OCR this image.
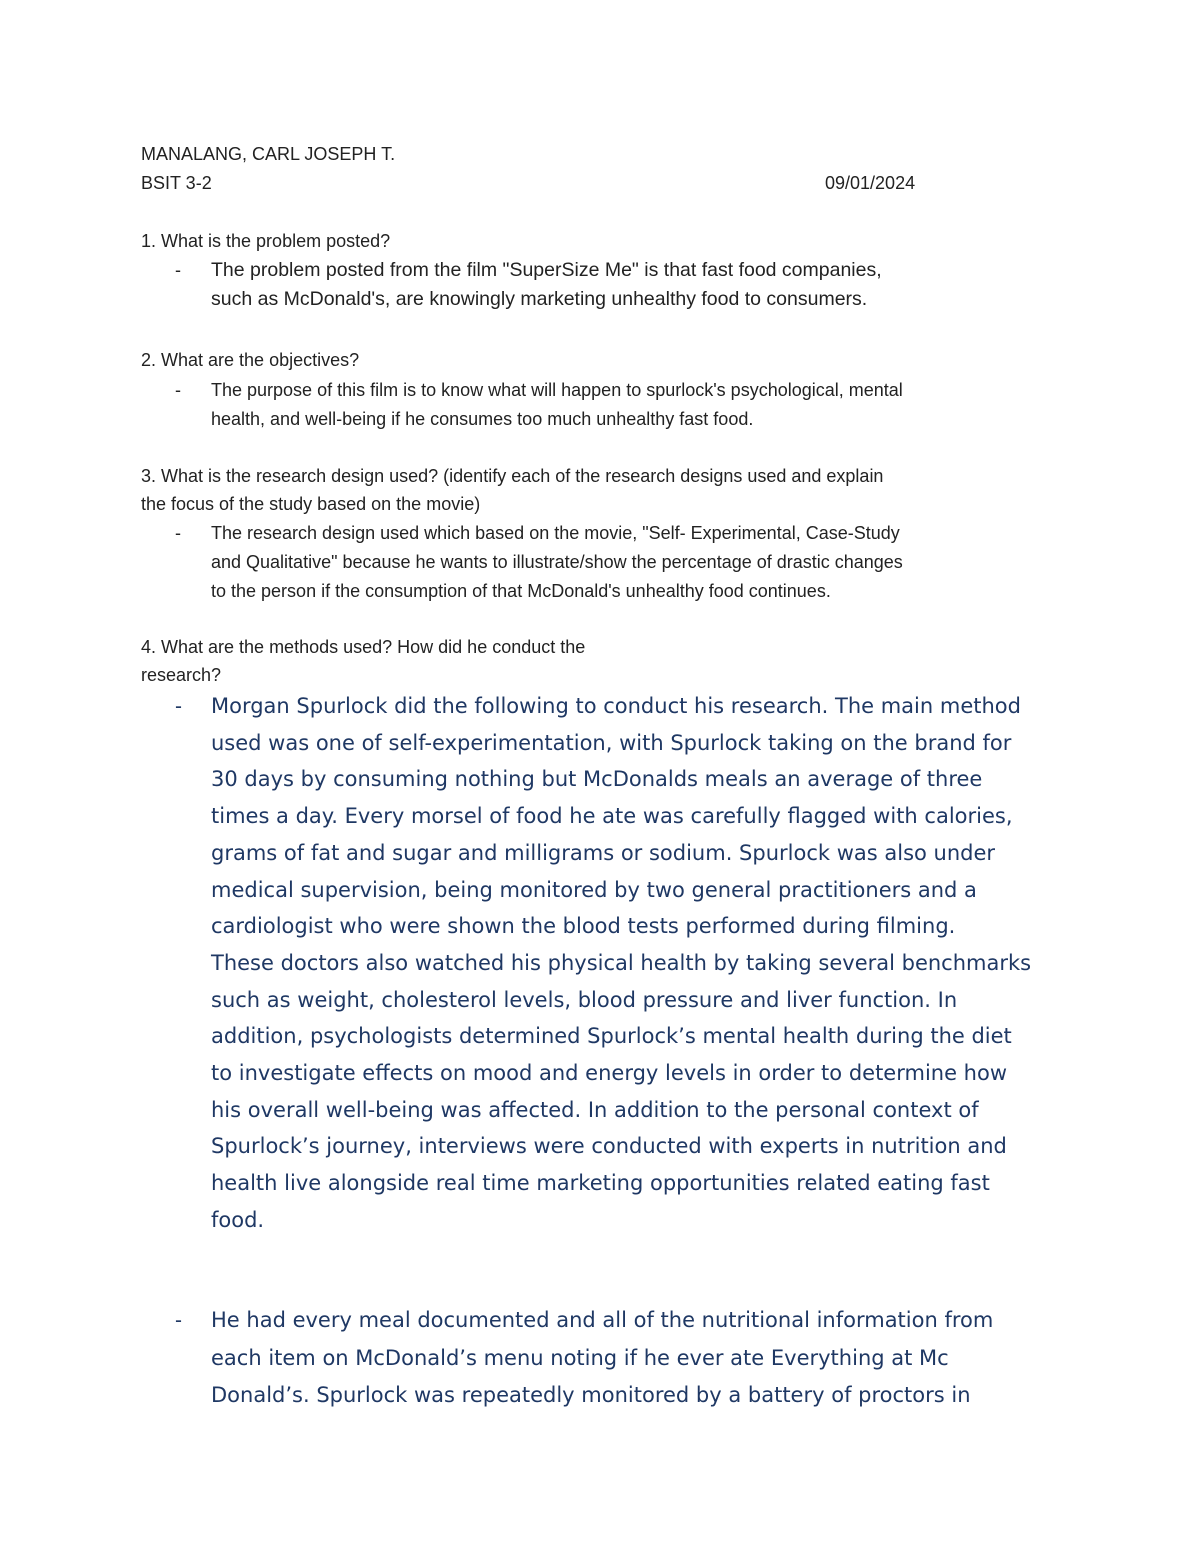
MANALANG, CARL JOSEPH T.
BSIT 3-2	09/01/2024
1. What is the problem posted?
- The problem posted from the film "SuperSize Me" is that fast food companies,
such as McDonald's, are knowingly marketing unhealthy food to consumers.
2. What are the objectives?
- The purpose of this film is to know what will happen to spurlock's psychological, mental
health, and well-being if he consumes too much unhealthy fast food.
3. What is the research design used? (identify each of the research designs used and explain
the focus of the study based on the movie)
- The research design used which based on the movie, "Self- Experimental, Case-Study
and Qualitative" because he wants to illustrate/show the percentage of drastic changes
to the person if the consumption of that McDonald's unhealthy food continues.
4. What are the methods used? How did he conduct the
research?
- Morgan Spurlock did the following to conduct his research. The main method
used was one of self-experimentation, with Spurlock taking on the brand for
30 days by consuming nothing but McDonalds meals an average of three
times a day. Every morsel of food he ate was carefully flagged with calories,
grams of fat and sugar and milligrams or sodium. Spurlock was also under
medical supervision, being monitored by two general practitioners and a
cardiologist who were shown the blood tests performed during filming.
These doctors also watched his physical health by taking several benchmarks
such as weight, cholesterol levels, blood pressure and liver function. In
addition, psychologists determined Spurlock’s mental health during the diet
to investigate effects on mood and energy levels in order to determine how
his overall well-being was affected. In addition to the personal context of
Spurlock’s journey, interviews were conducted with experts in nutrition and
health live alongside real time marketing opportunities related eating fast
food.
- He had every meal documented and all of the nutritional information from
each item on McDonald’s menu noting if he ever ate Everything at Mc
Donald’s. Spurlock was repeatedly monitored by a battery of proctors in
